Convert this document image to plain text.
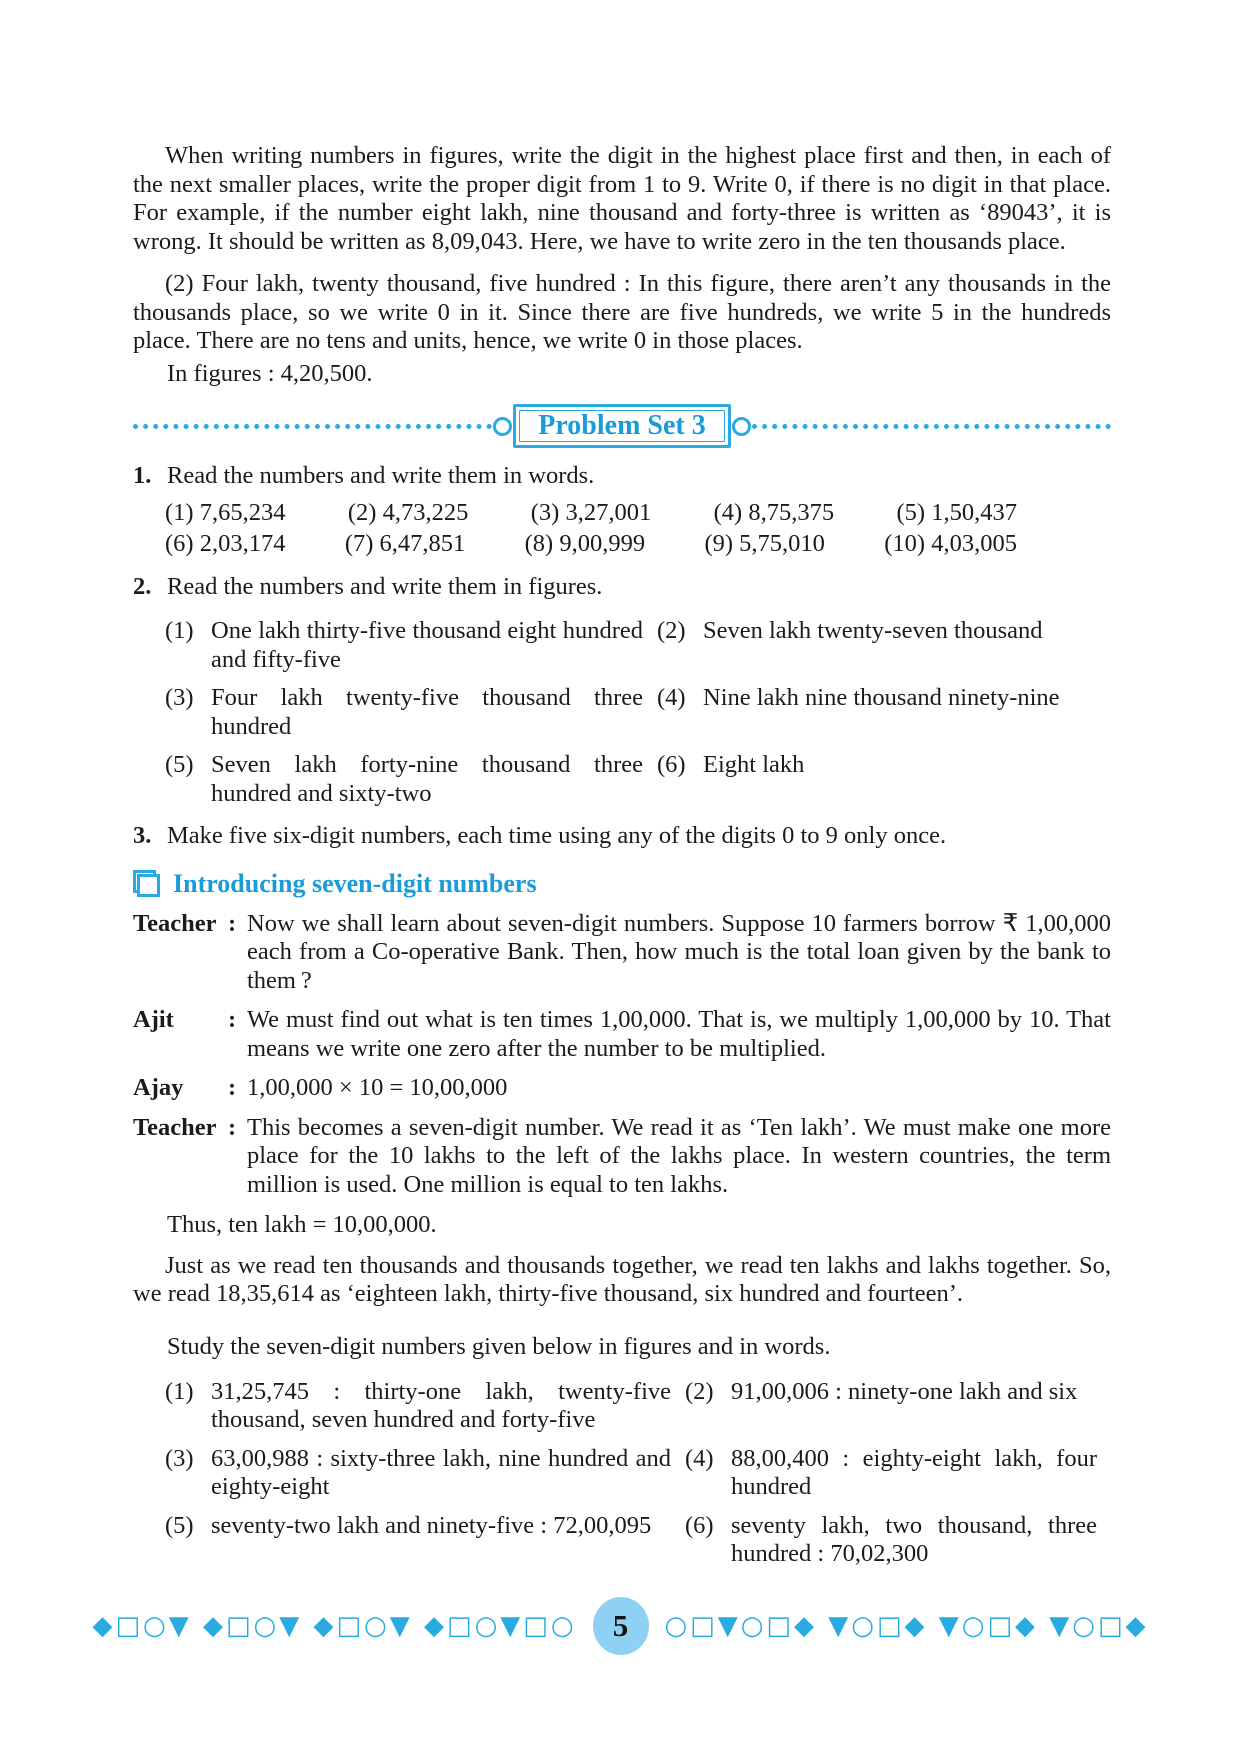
When writing numbers in figures, write the digit in the highest place first and then, in each of the next smaller places, write the proper digit from 1 to 9. Write 0, if there is no digit in that place. For example, if the number eight lakh, nine thousand and forty-three is written as ‘89043’, it is wrong. It should be written as 8,09,043. Here, we have to write zero in the ten thousands place.

(2) Four lakh, twenty thousand, five hundred : In this figure, there aren’t any thousands in the thousands place, so we write 0 in it. Since there are five hundreds, we write 5 in the hundreds place. There are no tens and units, hence, we write 0 in those places.

In figures : 4,20,500.
Problem Set 3
1. Read the numbers and write them in words.
(1) 7,65,234	(2) 4,73,225	(3) 3,27,001	(4) 8,75,375	(5) 1,50,437
(6) 2,03,174 (7) 6,47,851 (8) 9,00,999 (9) 5,75,010 (10) 4,03,005
2. Read the numbers and write them in figures.
(1) One lakh thirty-five thousand eight hundred and fifty-five
(2) Seven lakh twenty-seven thousand
(3) Four lakh twenty-five thousand three hundred
(4) Nine lakh nine thousand ninety-nine
(5) Seven lakh forty-nine thousand three hundred and sixty-two
(6) Eight lakh
3. Make five six-digit numbers, each time using any of the digits 0 to 9 only once.
Introducing seven-digit numbers
Teacher : Now we shall learn about seven-digit numbers. Suppose 10 farmers borrow ₹ 1,00,000 each from a Co-operative Bank. Then, how much is the total loan given by the bank to them ?
Ajit	: We must find out what is ten times 1,00,000. That is, we multiply 1,00,000 by 10. That means we write one zero after the number to be multiplied.
Ajay	: 1,00,000 × 10 = 10,00,000
Teacher : This becomes a seven-digit number. We read it as ‘Ten lakh’. We must make one more place for the 10 lakhs to the left of the lakhs place. In western countries, the term million is used. One million is equal to ten lakhs.
Thus, ten lakh = 10,00,000.

Just as we read ten thousands and thousands together, we read ten lakhs and lakhs together. So, we read 18,35,614 as ‘eighteen lakh, thirty-five thousand, six hundred and fourteen’.

Study the seven-digit numbers given below in figures and in words.
(1) 31,25,745 : thirty-one lakh, twenty-five thousand, seven hundred and forty-five
(2) 91,00,006 : ninety-one lakh and six
(3) 63,00,988 : sixty-three lakh, nine hundred and eighty-eight
(4) 88,00,400 : eighty-eight lakh, four hundred
(5) seventy-two lakh and ninety-five : 72,00,095	(6) seventy lakh, two thousand, three hundred : 70,02,300
◆□○▼ ◆□○▼ ◆□○▼ ◆□○▼□○ 5 ○□▼○□◆ ▼○□◆ ▼○□◆ ▼○□◆
